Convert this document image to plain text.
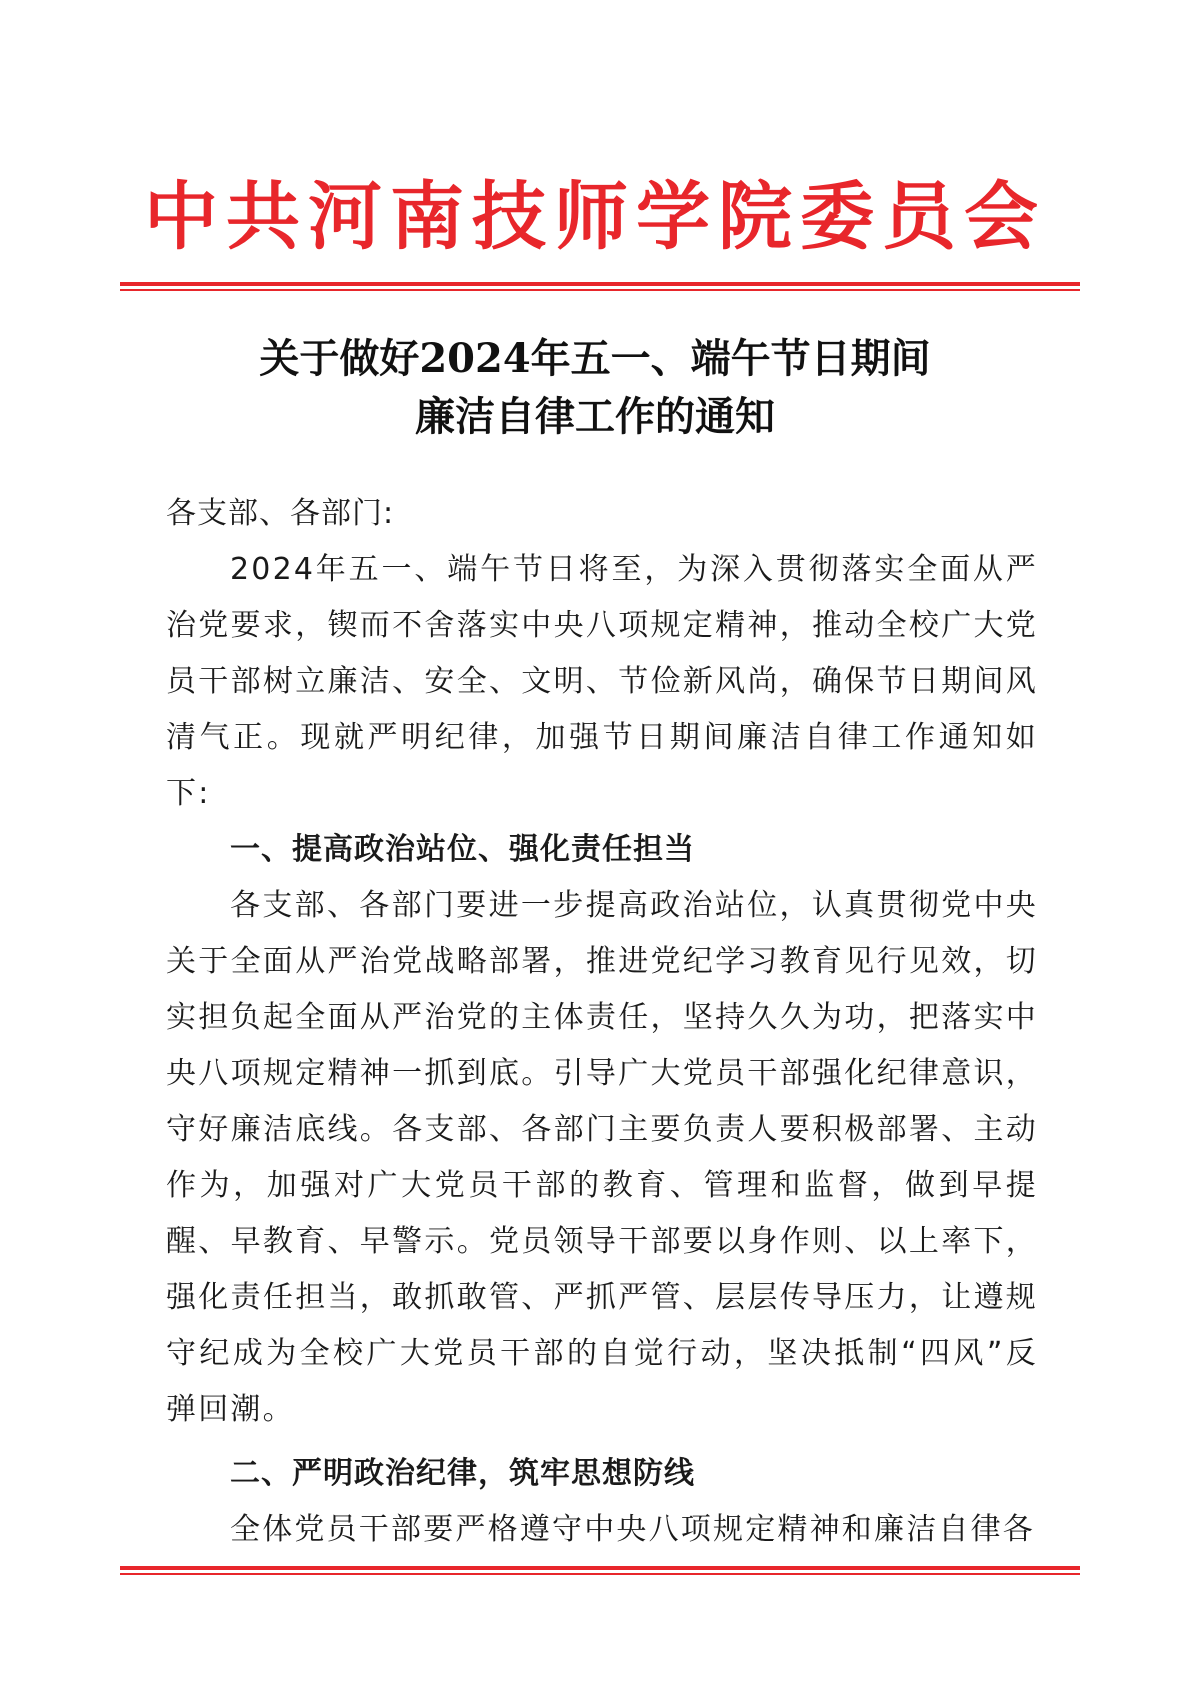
中共河南技师学院委员会
关于做好2024年五一、端午节日期间
廉洁自律工作的通知

各支部、各部门:

2024年五一、端午节日将至，为深入贯彻落实全面从严治党要求，锲而不舍落实中央八项规定精神，推动全校广大党员干部树立廉洁、安全、文明、节俭新风尚，确保节日期间风清气正。现就严明纪律，加强节日期间廉洁自律工作通知如下:

一、提高政治站位、强化责任担当

各支部、各部门要进一步提高政治站位，认真贯彻党中央关于全面从严治党战略部署，推进党纪学习教育见行见效，切实担负起全面从严治党的主体责任，坚持久久为功，把落实中央八项规定精神一抓到底。引导广大党员干部强化纪律意识，守好廉洁底线。各支部、各部门主要负责人要积极部署、主动作为，加强对广大党员干部的教育、管理和监督，做到早提醒、早教育、早警示。党员领导干部要以身作则、以上率下，强化责任担当，敢抓敢管、严抓严管、层层传导压力，让遵规守纪成为全校广大党员干部的自觉行动，坚决抵制“四风”反弹回潮。

二、严明政治纪律，筑牢思想防线

全体党员干部要严格遵守中央八项规定精神和廉洁自律各
